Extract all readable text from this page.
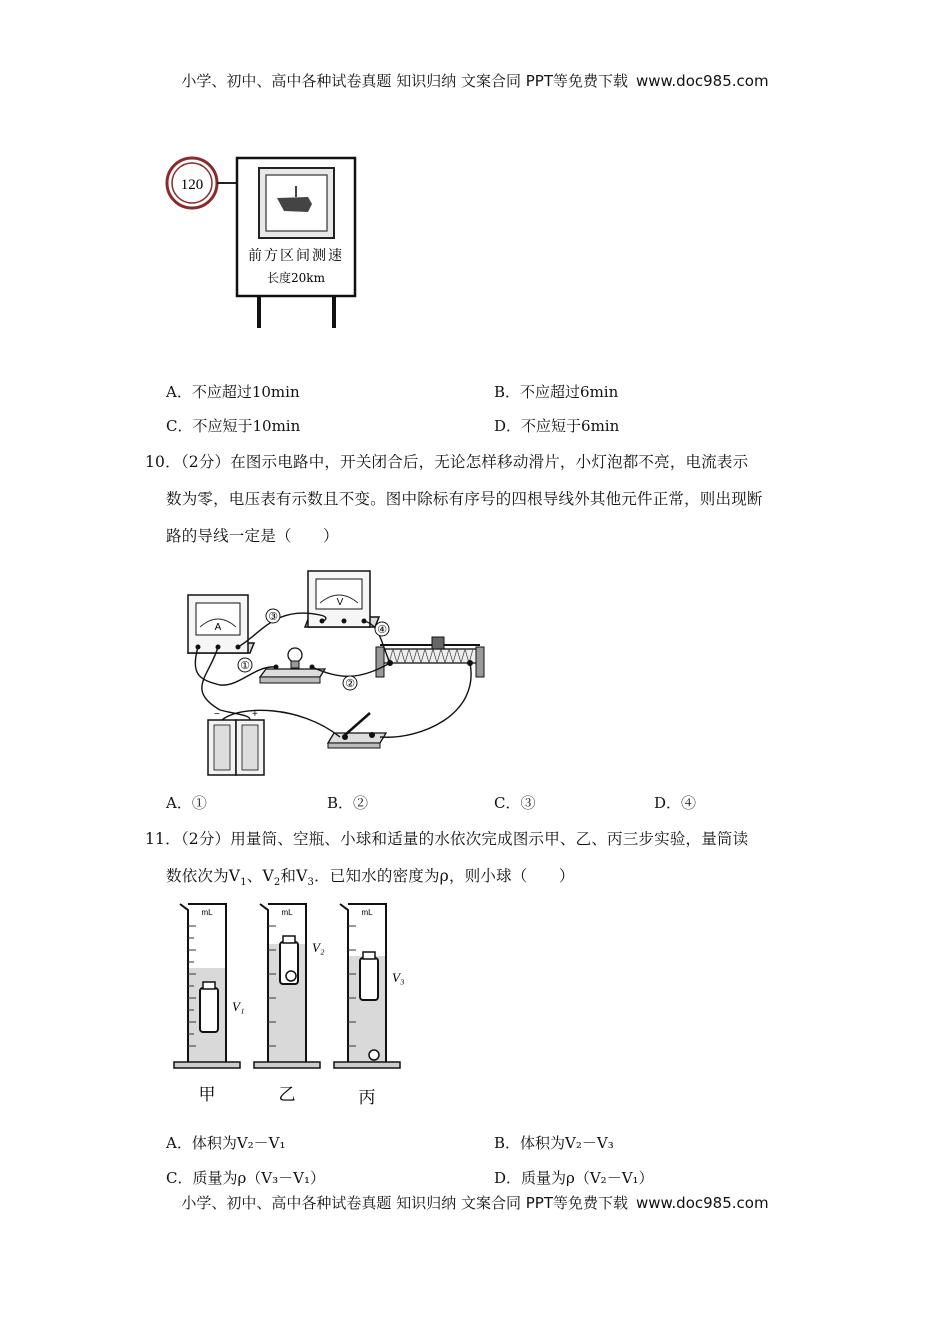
小学、初中、高中各种试卷真题 知识归纳 文案合同 PPT等免费下载 www.doc985.com
120
前方区间测速
长度20km
A．不应超过10min	B．不应超过6min
C．不应短于10min	D．不应短于6min
10．（2分）在图示电路中，开关闭合后，无论怎样移动滑片，小灯泡都不亮，电流表示
数为零，电压表有示数且不变。图中除标有序号的四根导线外其他元件正常，则出现断
路的导线一定是（　　）
A
V
−	+
①
②
③
④
A．①	B．②	C．③	D．④
11．（2分）用量筒、空瓶、小球和适量的水依次完成图示甲、乙、丙三步实验，量筒读
数依次为$V_1$、$V_2$和$V_3$．已知水的密度为ρ，则小球（　　）
mL
V₁
甲
mL
V₂
乙
mL
V₃
丙
A．体积为V₂－V₁	B．体积为V₂－V₃
C．质量为ρ（V₃－V₁）	D．质量为ρ（V₂－V₁）
小学、初中、高中各种试卷真题 知识归纳 文案合同 PPT等免费下载 www.doc985.com
